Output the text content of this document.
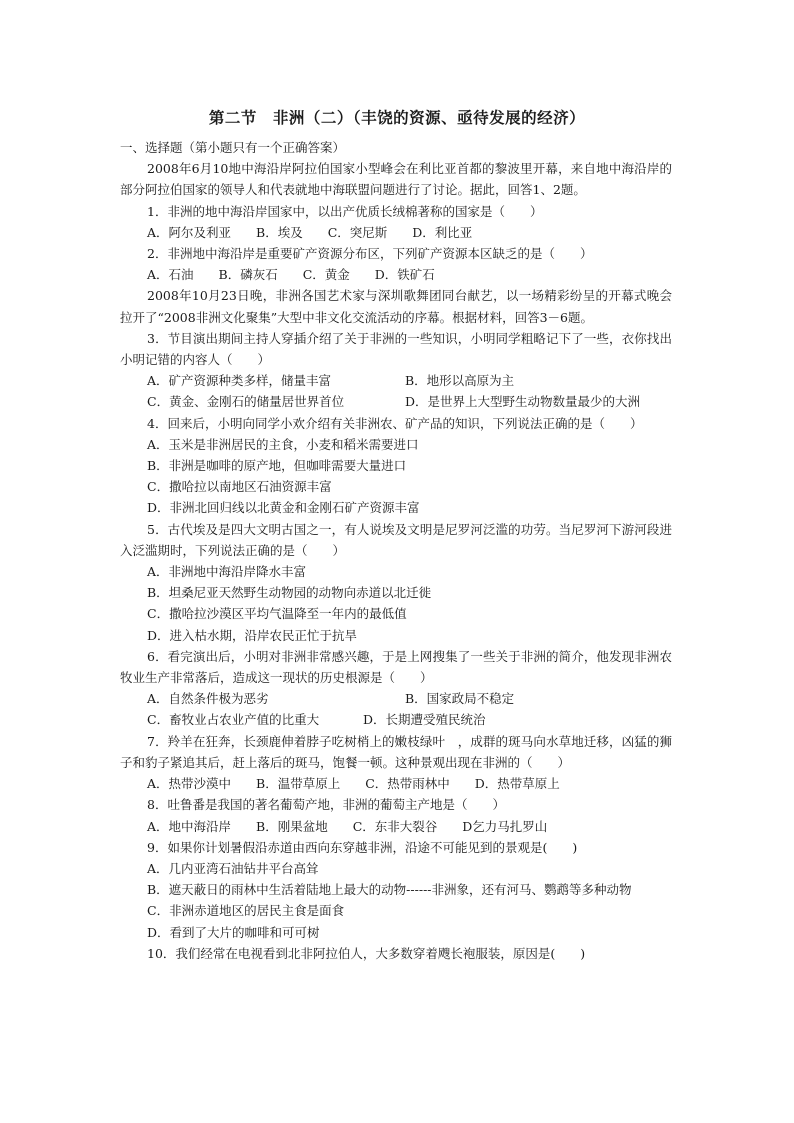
第二节　非洲（二）（丰饶的资源、亟待发展的经济）

一、选择题（第小题只有一个正确答案）

2008年6月10地中海沿岸阿拉伯国家小型峰会在利比亚首都的黎波里开幕，来自地中海沿岸的部分阿拉伯国家的领导人和代表就地中海联盟问题进行了讨论。据此，回答1、2题。

1．非洲的地中海沿岸国家中，以出产优质长绒棉著称的国家是（　　）

A．阿尔及利亚　　B．埃及　　C．突尼斯　　D．利比亚

2．非洲地中海沿岸是重要矿产资源分布区，下列矿产资源本区缺乏的是（　　）

A．石油　　B．磷灰石　　C．黄金　　D．铁矿石

2008年10月23日晚，非洲各国艺术家与深圳歌舞团同台献艺，以一场精彩纷呈的开幕式晚会拉开了“2008非洲文化聚集”大型中非文化交流活动的序幕。根据材料，回答3－6题。

3．节目演出期间主持人穿插介绍了关于非洲的一些知识，小明同学粗略记下了一些，衣你找出小明记错的内容人（　　）

A．矿产资源种类多样，储量丰富	B．地形以高原为主
C．黄金、金刚石的储量居世界首位	D．是世界上大型野生动物数量最少的大洲

4．回来后，小明向同学小欢介绍有关非洲农、矿产品的知识，下列说法正确的是（　　）

A．玉米是非洲居民的主食，小麦和稻米需要进口

B．非洲是咖啡的原产地，但咖啡需要大量进口

C．撒哈拉以南地区石油资源丰富

D．非洲北回归线以北黄金和金刚石矿产资源丰富

5．古代埃及是四大文明古国之一，有人说埃及文明是尼罗河泛滥的功劳。当尼罗河下游河段进入泛滥期时，下列说法正确的是（　　）

A．非洲地中海沿岸降水丰富

B．坦桑尼亚天然野生动物园的动物向赤道以北迁徙

C．撒哈拉沙漠区平均气温降至一年内的最低值

D．进入枯水期，沿岸农民正忙于抗旱

6．看完演出后，小明对非洲非常感兴趣，于是上网搜集了一些关于非洲的简介，他发现非洲农牧业生产非常落后，造成这一现状的历史根源是（　　）

A．自然条件极为恶劣	B．国家政局不稳定
C．畜牧业占农业产值的比重大	D．长期遭受殖民统治

7．羚羊在狂奔，长颈鹿伸着脖子吃树梢上的嫩枝绿叶　，成群的斑马向水草地迁移，凶猛的狮子和豹子紧追其后，赶上落后的斑马，饱餐一顿。这种景观出现在非洲的（　　）

A．热带沙漠中　　B．温带草原上　　C．热带雨林中　　D．热带草原上

8．吐鲁番是我国的著名葡萄产地，非洲的葡萄主产地是（　　）

A．地中海沿岸　　B．刚果盆地　　C．东非大裂谷　　D乞力马扎罗山

9．如果你计划暑假沿赤道由西向东穿越非洲，沿途不可能见到的景观是(　　)

A．几内亚湾石油钻井平台高耸

B．遮天蔽日的雨林中生活着陆地上最大的动物------非洲象，还有河马、鹦鹉等多种动物

C．非洲赤道地区的居民主食是面食

D．看到了大片的咖啡和可可树

10．我们经常在电视看到北非阿拉伯人，大多数穿着飕长袍服装，原因是(　　)
